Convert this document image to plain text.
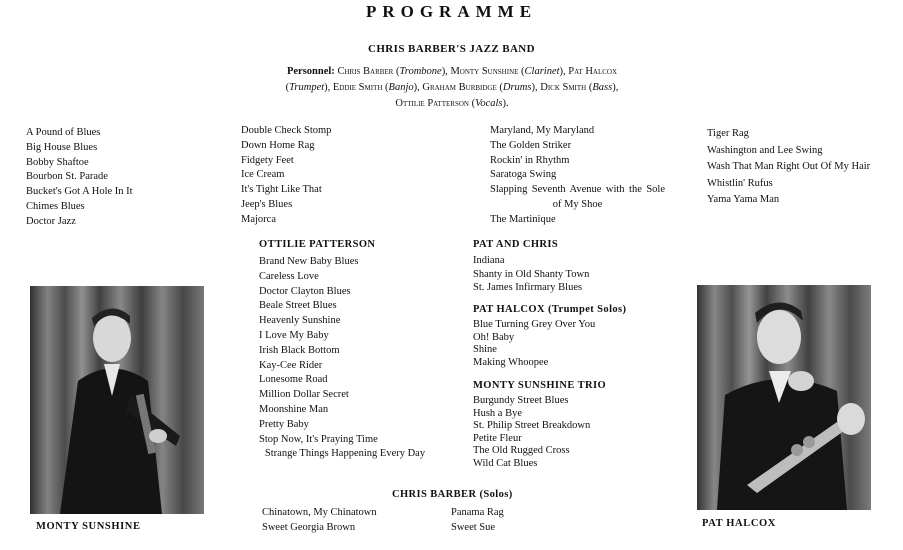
PROGRAMME
CHRIS BARBER'S JAZZ BAND
Personnel: Chris Barber (Trombone), Monty Sunshine (Clarinet), Pat Halcox
(Trumpet), Eddie Smith (Banjo), Graham Burbidge (Drums), Dick Smith (Bass),
Ottilie Patterson (Vocals).
A Pound of Blues
Big House Blues
Bobby Shaftoe
Bourbon St. Parade
Bucket's Got A Hole In It
Chimes Blues
Doctor Jazz
Double Check Stomp
Down Home Rag
Fidgety Feet
Ice Cream
It's Tight Like That
Jeep's Blues
Majorca
Maryland, My Maryland
The Golden Striker
Rockin' in Rhythm
Saratoga Swing
Slapping Seventh Avenue with the Sole of My Shoe
The Martinique
Tiger Rag
Washington and Lee Swing
Wash That Man Right Out Of My Hair
Whistlin' Rufus
Yama Yama Man
OTTILIE PATTERSON
Brand New Baby Blues
Careless Love
Doctor Clayton Blues
Beale Street Blues
Heavenly Sunshine
I Love My Baby
Irish Black Bottom
Kay-Cee Rider
Lonesome Road
Million Dollar Secret
Moonshine Man
Pretty Baby
Stop Now, It's Praying Time
Strange Things Happening Every Day
PAT AND CHRIS
Indiana
Shanty in Old Shanty Town
St. James Infirmary Blues
PAT HALCOX (Trumpet Solos)
Blue Turning Grey Over You
Oh! Baby
Shine
Making Whoopee
MONTY SUNSHINE TRIO
Burgundy Street Blues
Hush a Bye
St. Philip Street Breakdown
Petite Fleur
The Old Rugged Cross
Wild Cat Blues
CHRIS BARBER (Solos)
Chinatown, My Chinatown
Sweet Georgia Brown
Panama Rag
Sweet Sue
MONTY SUNSHINE	PAT HALCOX
